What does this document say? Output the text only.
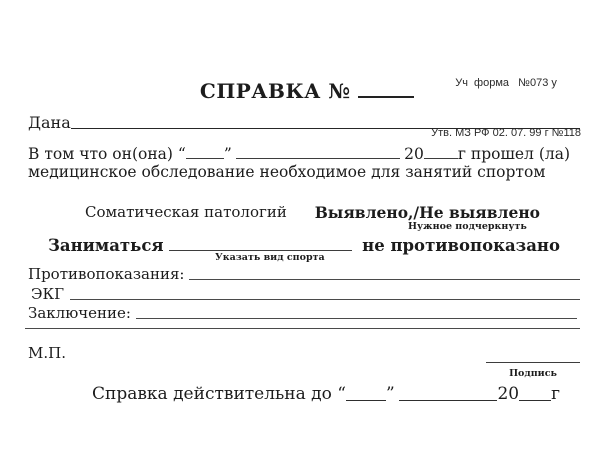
Уч  форма   №073 у

Утв. МЗ РФ 02. 07. 99 г №118

СПРАВКА №
Дана
В том что он(она) “ ”	20 г прошел (ла)
медицинское обследование необходимое для занятий спортом
Соматическая патологий Выявлено,/Не выявлено
Нужное подчеркнуть
Заниматься	не противопоказано
Указать вид спорта
Противопоказания:
ЭКГ
Заключение:
М.П.
Подпись
Справка действительна до “ ”	20 г
